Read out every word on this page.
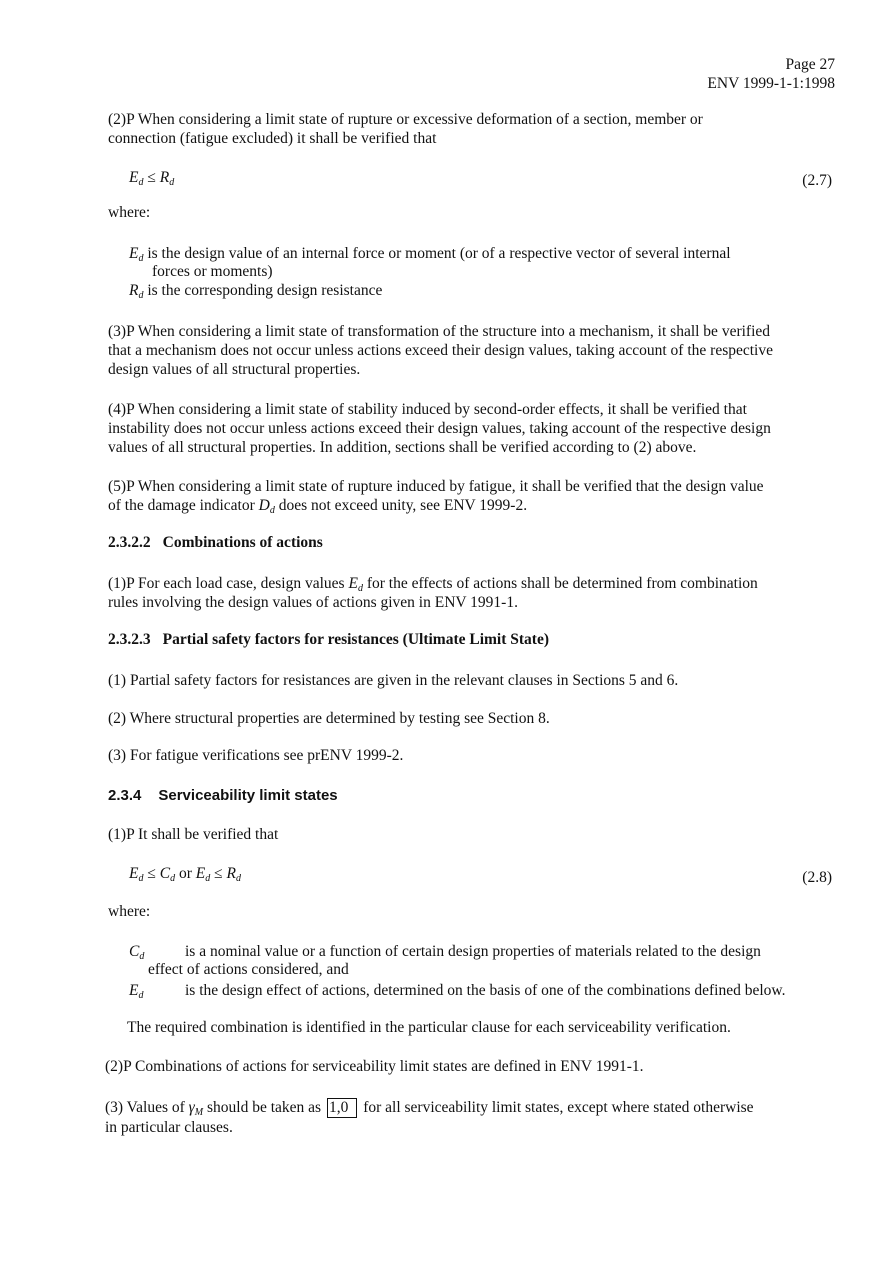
Page 27
ENV 1999-1-1:1998
(2)P When considering a limit state of rupture or excessive deformation of a section, member or
connection (fatigue excluded) it shall be verified that
$E_d \le R_d$	(2.7)
where:
$E_d$ is the design value of an internal force or moment (or of a respective vector of several internal
forces or moments)
$R_d$ is the corresponding design resistance
(3)P When considering a limit state of transformation of the structure into a mechanism, it shall be verified
that a mechanism does not occur unless actions exceed their design values, taking account of the respective
design values of all structural properties.
(4)P When considering a limit state of stability induced by second-order effects, it shall be verified that
instability does not occur unless actions exceed their design values, taking account of the respective design
values of all structural properties. In addition, sections shall be verified according to (2) above.
(5)P When considering a limit state of rupture induced by fatigue, it shall be verified that the design value
of the damage indicator $D_d$ does not exceed unity, see ENV 1999-2.
2.3.2.2 Combinations of actions
(1)P For each load case, design values $E_d$ for the effects of actions shall be determined from combination
rules involving the design values of actions given in ENV 1991-1.
2.3.2.3 Partial safety factors for resistances (Ultimate Limit State)
(1) Partial safety factors for resistances are given in the relevant clauses in Sections 5 and 6.
(2) Where structural properties are determined by testing see Section 8.
(3) For fatigue verifications see prENV 1999-2.
2.3.4 Serviceability limit states
(1)P It shall be verified that
$E_d \le C_d$ or $E_d \le R_d$	(2.8)
where:
$C_d$	is a nominal value or a function of certain design properties of materials related to the design
effect of actions considered, and
$E_d$	is the design effect of actions, determined on the basis of one of the combinations defined below.
The required combination is identified in the particular clause for each serviceability verification.
(2)P Combinations of actions for serviceability limit states are defined in ENV 1991-1.
(3) Values of $\gamma_M$ should be taken as 1,0 for all serviceability limit states, except where stated otherwise
in particular clauses.
